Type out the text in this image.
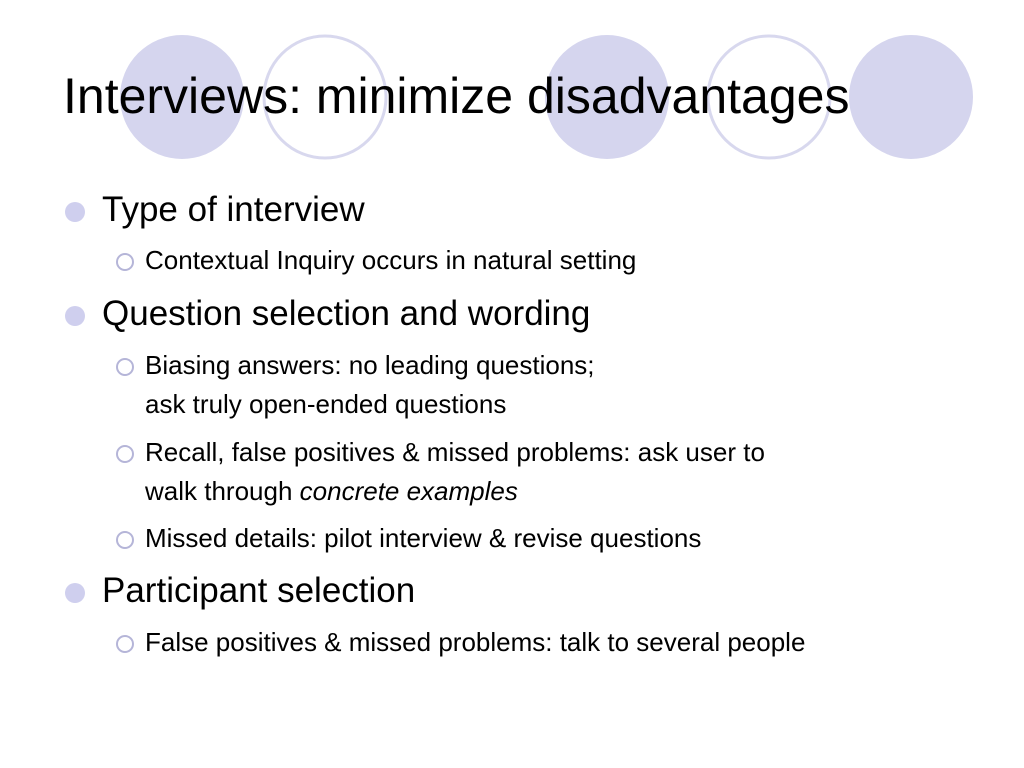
Interviews: minimize disadvantages
Type of interview
Contextual Inquiry occurs in natural setting
Question selection and wording
Biasing answers: no leading questions;
ask truly open-ended questions
Recall, false positives & missed problems: ask user to
walk through concrete examples
Missed details: pilot interview & revise questions
Participant selection
False positives & missed problems: talk to several people
